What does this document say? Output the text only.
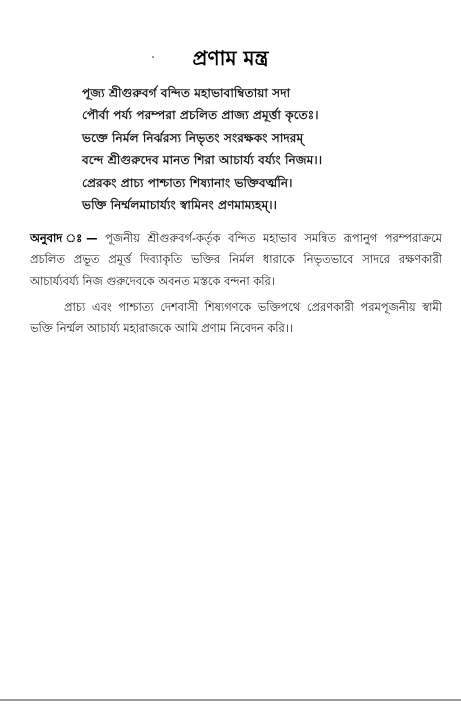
প্রণাম মন্ত্র
পূজ্য শ্রীগুরুবর্গ বন্দিত মহাভাবাম্বিতায়া সদা
পৌর্বা পর্য্য পরম্পরা প্রচলিত প্রাজ্য প্রমূর্ত্তা কৃতেঃ।
ভক্তে নির্মল নির্ঝরস্য নিভৃতং সংরক্ষকং সাদরম্
বন্দে শ্রীগুরুদেব মানত শিরা আচার্য্য বর্য্যং নিজম।।
প্রেরকং প্রাচ্য পাশ্চাত্য শিষ্যানাং ভক্তিবর্ত্মনি।
ভক্তি নির্ম্মলমাচার্য্যং স্বামিনং প্রণমাম্যহম্।।
অনুবাদ ঃ— পূজনীয় শ্রীগুরুবর্গ-কর্তৃক বন্দিত মহাভাব সমন্বিত রূপানুগ পরম্পরাক্রমে প্রচলিত প্রভূত প্রমূর্ত্ত দিব্যাকৃতি ভক্তির নির্মল ধারাকে নিভৃতভাবে সাদরে রক্ষণকারী আচার্য্যবর্য্য নিজ গুরুদেবকে অবনত মস্তকে বন্দনা করি।
প্রাচ্য এবং পাশ্চাত্য দেশবাসী শিষ্যগণকে ভক্তিপথে প্রেরণকারী পরমপূজনীয় স্বামী ভক্তি নির্ম্মল আচার্য্য মহারাজকে আমি প্রণাম নিবেদন করি।।
